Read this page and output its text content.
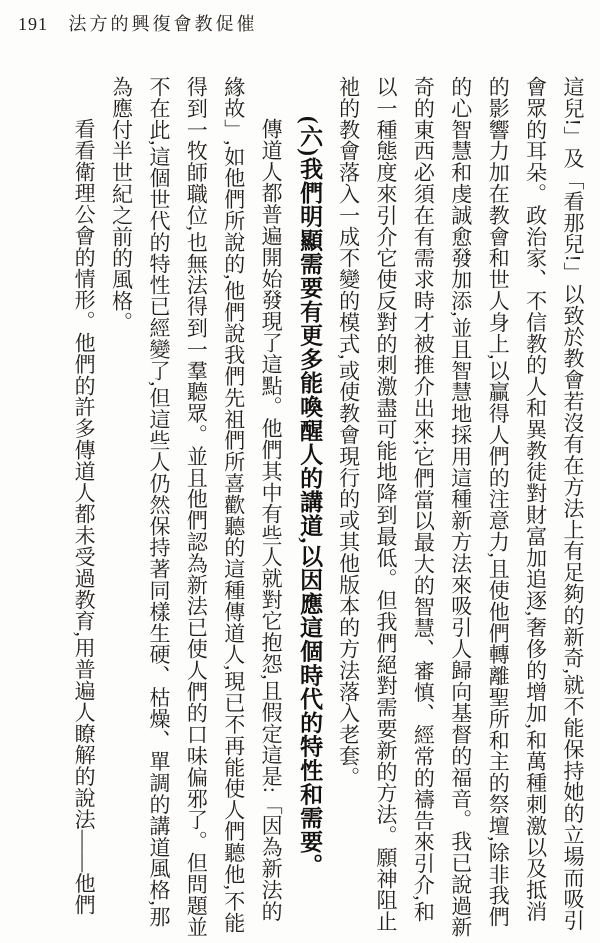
191 法方的興復會教促催

這兒!」及「看那兒!」以致於教會若沒有在方法上有足夠的新奇,就不能保持她的立場而吸引會眾的耳朵。政治家、不信教的人和異教徒對財富加追逐,奢侈的增加,和萬種刺激以及抵消的影響力加在教會和世人身上,以贏得人們的注意力,且使他們轉離聖所和主的祭壇,除非我們的心智慧和虔誠愈發加添,並且智慧地採用這種新方法來吸引人歸向基督的福音。我已說過新奇的東西必須在有需求時才被推介出來;它們當以最大的智慧、審慎、經常的禱告來引介,和以一種態度來引介它使反對的刺激盡可能地降到最低。但我們絕對需要新的方法。願神阻止祂的教會落入一成不變的模式,或使教會現行的或其他版本的方法落入老套。

(六)我們明顯需要有更多能喚醒人的講道,以因應這個時代的特性和需要。

傳道人都普遍開始發現了這點。他們其中有些人就對它抱怨,且假定這是:「因為新法的緣故」,如他們所說的,他們說我們先祖們所喜歡聽的這種傳道人,現已不再能使人們聽他,不能得到一牧師職位,也無法得到一羣聽眾。並且他們認為新法已使人們的口味偏邪了。但問題並不在此,這個世代的特性已經變了,但這些人仍然保持著同樣生硬、枯燥、單調的講道風格,那為應付半世紀之前的風格。

看看衛理公會的情形。他們的許多傳道人都未受過教育,用普遍人瞭解的說法——他們
